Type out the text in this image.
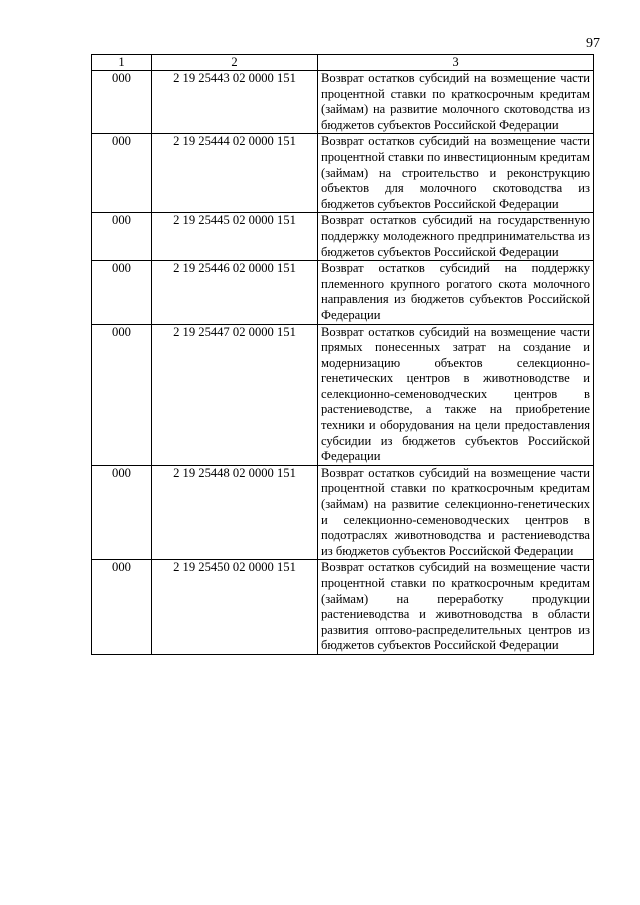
97
1	2	3
000	2 19 25443 02 0000 151	Возврат остатков субсидий на возмещение части процентной ставки по краткосрочным кредитам (займам) на развитие молочного скотоводства из бюджетов субъектов Российской Федерации
000	2 19 25444 02 0000 151	Возврат остатков субсидий на возмещение части процентной ставки по инвестиционным кредитам (займам) на строительство и реконструкцию объектов для молочного скотоводства из бюджетов субъектов Российской Федерации
000	2 19 25445 02 0000 151	Возврат остатков субсидий на государственную поддержку молодежного предпринимательства из бюджетов субъектов Российской Федерации
000	2 19 25446 02 0000 151	Возврат остатков субсидий на поддержку племенного крупного рогатого скота молочного направления из бюджетов субъектов Российской Федерации
000	2 19 25447 02 0000 151	Возврат остатков субсидий на возмещение части прямых понесенных затрат на создание и модернизацию объектов селекционно-генетических центров в животноводстве и селекционно-семеноводческих центров в растениеводстве, а также на приобретение техники и оборудования на цели предоставления субсидии из бюджетов субъектов Российской Федерации
000	2 19 25448 02 0000 151	Возврат остатков субсидий на возмещение части процентной ставки по краткосрочным кредитам (займам) на развитие селекционно-генетических и селекционно-семеноводческих центров в подотраслях животноводства и растениеводства из бюджетов субъектов Российской Федерации
000	2 19 25450 02 0000 151	Возврат остатков субсидий на возмещение части процентной ставки по краткосрочным кредитам (займам) на переработку продукции растениеводства и животноводства в области развития оптово-распределительных центров из бюджетов субъектов Российской Федерации
